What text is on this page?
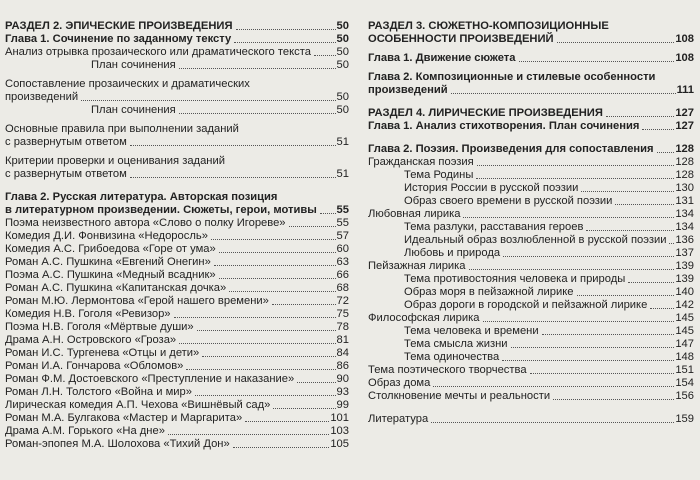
РАЗДЕЛ 2. ЭПИЧЕСКИЕ ПРОИЗВЕДЕНИЯ	50
Глава 1. Сочинение по заданному тексту	50
Анализ отрывка прозаического или драматического текста 50
План сочинения	50
Сопоставление прозаических и драматических
произведений	50
План сочинения	50
Основные правила при выполнении заданий
с развернутым ответом	51
Критерии проверки и оценивания заданий
с развернутым ответом	51
Глава 2. Русская литература. Авторская позиция
в литературном произведении. Сюжеты, герои, мотивы 55
Поэма неизвестного автора «Слово о полку Игореве»	55
Комедия Д.И. Фонвизина «Недоросль»	57
Комедия А.С. Грибоедова «Горе от ума»	60
Роман А.С. Пушкина «Евгений Онегин»	63
Поэма А.С. Пушкина «Медный всадник»	66
Роман А.С. Пушкина «Капитанская дочка»	68
Роман М.Ю. Лермонтова «Герой нашего времени»	72
Комедия Н.В. Гоголя «Ревизор»	75
Поэма Н.В. Гоголя «Мёртвые души»	78
Драма А.Н. Островского «Гроза»	81
Роман И.С. Тургенева «Отцы и дети»	84
Роман И.А. Гончарова «Обломов»	86
Роман Ф.М. Достоевского «Преступление и наказание»	90
Роман Л.Н. Толстого «Война и мир»	93
Лирическая комедия А.П. Чехова «Вишнёвый сад»	99
Роман М.А. Булгакова «Мастер и Маргарита»	101
Драма А.М. Горького «На дне»	103
Роман-эпопея М.А. Шолохова «Тихий Дон»	105
РАЗДЕЛ 3. СЮЖЕТНО-КОМПОЗИЦИОННЫЕ
ОСОБЕННОСТИ ПРОИЗВЕДЕНИЙ	108
Глава 1. Движение сюжета	108
Глава 2. Композиционные и стилевые особенности
произведений	111
РАЗДЕЛ 4. ЛИРИЧЕСКИЕ ПРОИЗВЕДЕНИЯ	127
Глава 1. Анализ стихотворения. План сочинения	127
Глава 2. Поэзия. Произведения для сопоставления 128
Гражданская поэзия	128
Тема Родины	128
История России в русской поэзии	130
Образ своего времени в русской поэзии	131
Любовная лирика	134
Тема разлуки, расставания героев	134
Идеальный образ возлюбленной в русской поэзии 136
Любовь и природа	137
Пейзажная лирика	139
Тема противостояния человека и природы	139
Образ моря в пейзажной лирике	140
Образ дороги в городской и пейзажной лирике	142
Философская лирика	145
Тема человека и времени	145
Тема смысла жизни	147
Тема одиночества	148
Тема поэтического творчества	151
Образ дома	154
Столкновение мечты и реальности	156
Литература	159
